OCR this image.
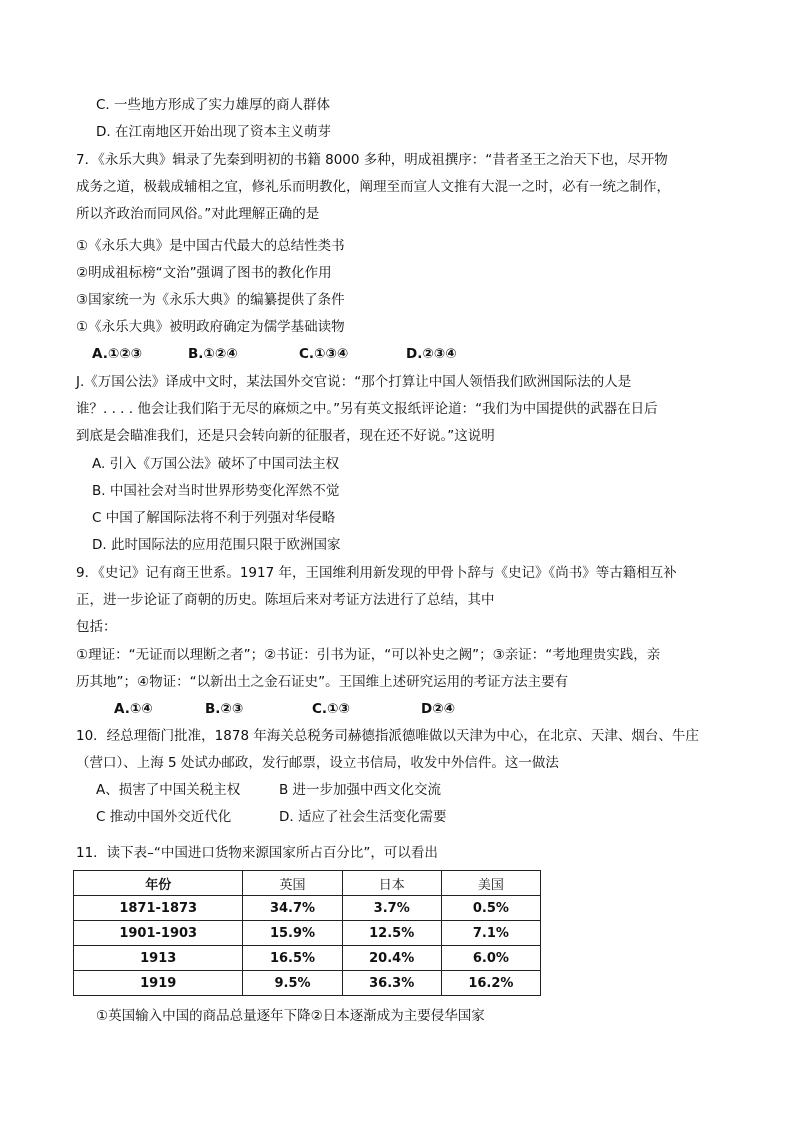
C. 一些地方形成了实力雄厚的商人群体
D. 在江南地区开始出现了资本主义萌芽
7．《永乐大典》辑录了先秦到明初的书籍 8000 多种，明成祖撰序：“昔者圣王之治天下也，尽开物
成务之道，极载成辅相之宜，修礼乐而明教化，阐理至而宣人文推有大混一之时，必有一统之制作，
所以齐政治而同风俗。”对此理解正确的是
①《永乐大典》是中国古代最大的总结性类书
②明成祖标榜“文治”强调了图书的教化作用
③国家统一为《永乐大典》的编纂提供了条件
①《永乐大典》被明政府确定为儒学基础读物
A.①②③	B.①②④	C.①③④	D.②③④
J.《万国公法》译成中文时，某法国外交官说：“那个打算让中国人领悟我们欧洲国际法的人是
谁？. . . . 他会让我们陷于无尽的麻烦之中。”另有英文报纸评论道：“我们为中国提供的武器在日后
到底是会瞄准我们，还是只会转向新的征服者，现在还不好说。”这说明
A. 引入《万国公法》破坏了中国司法主权
B. 中国社会对当时世界形势变化浑然不觉
C 中国了解国际法将不利于列强对华侵略
D. 此时国际法的应用范围只限于欧洲国家
9．《史记》记有商王世系。1917 年，王国维利用新发现的甲骨卜辞与《史记》《尚书》等古籍相互补
正，进一步论证了商朝的历史。陈垣后来对考证方法进行了总结，其中
包括：
①理证：“无证而以理断之者”；②书证：引书为证，“可以补史之阙”；③亲证：“考地理贵实践，亲
历其地”；④物证：“以新出土之金石证史”。王国维上述研究运用的考证方法主要有
A.①④	B.②③	C.①③	D②④
10．经总理衙门批准，1878 年海关总税务司赫德指派德唯做以天津为中心，在北京、天津、烟台、牛庄
（营口）、上海 5 处试办邮政，发行邮票，设立书信局，收发中外信件。这一做法
A、损害了中国关税主权	B 进一步加强中西文化交流
C 推动中国外交近代化	D. 适应了社会生活变化需要
11．读下表–“中国进口货物来源国家所占百分比”，可以看出
年份	英国	日本	美国
1871-1873	34.7%	3.7%	0.5%
1901-1903	15.9%	12.5%	7.1%
1913	16.5%	20.4%	6.0%
1919	9.5%	36.3%	16.2%
①英国输入中国的商品总量逐年下降②日本逐渐成为主要侵华国家
